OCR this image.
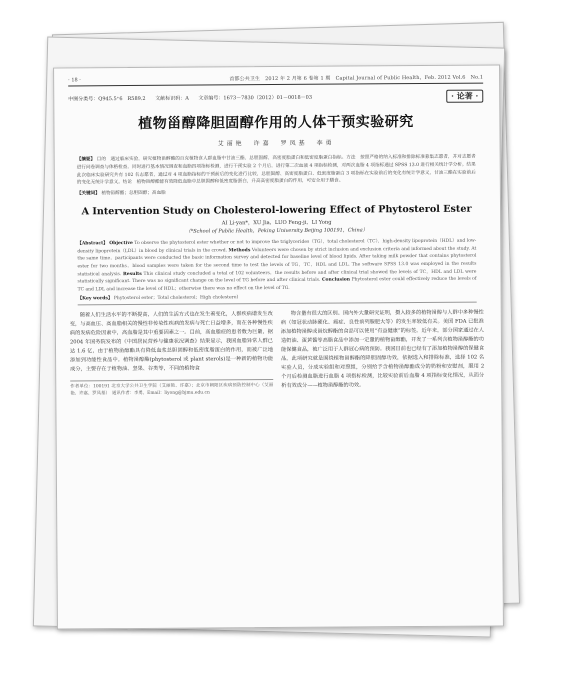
· 18 ·	首都公共卫生　2012 年 2 月第 6 卷第 1 期　Capital Journal of Public Health，Feb. 2012 Vol.6　No.1
中图分类号：Q945.5⁺6　R589.2 文献标识码：A 文章编号：1673－7830（2012）01－0018－03	· 论著 ·
植物甾醇降胆固醇作用的人体干预实验研究
艾丽艳　许嘉　罗凤基　李勇
【摘要】 目的　通过临床实验，研究植物甾醇酯的百克植物食人群血脂中甘油三酯、总胆固醇、高密度脂蛋白和低密度脂蛋白指标。方法　按照严格的纳入标准和排除标准募集志愿者，并对志愿者进行问卷调查与体格检查，同时进行基本情况调查和血脂四项指标检测，进行干预实验 2 个月后，进行第二次血液 4 项指标检测，对两次血脂 4 项指标通过 SPSS 13.0 进行相关统计学分析。结果　此次临床实验研究共有 102 名志愿者，通过对 4 项血脂指标的干预前后的变化进行比较，总胆固醇、高密度脂蛋白、低密度脂蛋白 3 项指标在实验前后的变化有统计学意义，甘油三酯在实验前后的变化无统计学意义。结论　植物甾醇酯能有效降低血脂中总胆固醇和低密度脂蛋白，升高高密度脂蛋白的作用，可安全用于膳食。
【关键词】 植物甾醇酯；总胆固醇；高血脂
A Intervention Study on Cholesterol-lowering Effect of Phytosterol Ester
AI Li-yan*，XU Jia，LUO Feng-ji，LI Yong
（*School of Public Health，Peking University Beijing 100191，China）
【Abstract】 Objective To observe the phytosterol ester whether or not to improve the triglycerides（TG），total cholesterol（TC），high-density lipoprotein（HDL）and low-density lipoprotein（LDL）in blood by clinical trials in the crowd. Methods Volunteers were chosen by strict inclusion and exclusion criteria and informed about the study. At the same time，participants were conducted the basic information survey and detected for baseline level of blood lipids. After taking milk powder that contains phytosterol ester for two months，blood samples were taken for the second time to test the levels of TG，TC，HDL and LDL. The software SPSS 13.0 was employed in the results statistical analysis. Results This clinical study concluded a total of 102 volunteers，the results before and after clinical trial showed the levels of TC，HDL and LDL were statistically significant. There was no significant change on the level of TG before and after clinical trials. Conclusion Phytosterol ester could effectively reduce the levels of TC and LDL and increase the level of HDL；otherwise there was no effect on the level of TG.
【Key words】 Phytosterol ester；Total cholesterol；High cholesterol

随着人们生活水平的不断提高，人们的生活方式也在发生着变化，人群疾病谱发生改变，与高血压、高血脂相关的慢性非传染性疾病的发病与死亡日益增多，而在各种慢性疾病的发病危险因素中，高血脂是其中重要因素之一。目前，高血脂症的患者数为巨量，据 2004 年国务院发布的《中国居民营养与健康状况调查》结果显示，我国血脂异常人群已达 1.6 亿，由于植物甾醇酯具有降低血浆总胆固醇和低密度脂蛋白的作用，而被广泛地添加到功能性食品中。植物甾醇酯(phytosterol 或 plant sterols)是一种新的植物功能成分，主要存在于植物油、坚果、谷类等，不同的植物食

作者单位：100191 北京大学公共卫生学院（艾丽艳、许嘉）；北京市朝阳区疾病预防控制中心（艾丽艳、许嘉、罗凤基）　通讯作者：李勇，Email：liyong@bjmu.edu.cn

物含量有很大的区别。国内外大量研究证明，摄入较多的植物甾醇与人群中多种慢性病（如冠状动脉硬化、癌症、良性前列腺肥大等）的发生率较低有关。美国 FDA 已批准添加植物甾醇或甾烷醇酯的食品可以使用“有益健康”的标签。近年来，部分国家通过在人造奶油、蛋黄酱等高脂食品中添加一定量的植物甾醇酯，开发了一系列含植物甾醇酯的功能保健食品，被广泛用于人群冠心病的预防。我国目前也已经有了添加植物甾醇的保健食品。此项研究就是围绕植物甾醇酯的降胆固醇功效，依据选入和排除标准，选择 102 名实验人员，分成实验组和对照组，分别给予含植物甾醇酯成分的奶粉和安慰剂，服用 2 个月后检测血脂进行血脂 4 项指标检测，比较实验前后血脂 4 项指标变化情况，从而分析有效成分——植物甾醇酯的功效。
